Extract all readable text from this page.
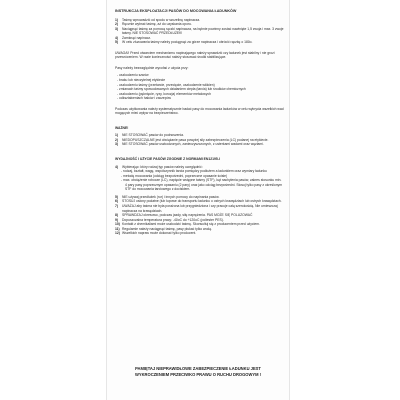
INSTRUKCJA EKSPLOATACJI PASÓW DO MOCOWANIA ŁADUNKÓW
1) Taśmę wprowadzić od spodu w szczelinę napinacza.
2) Ręcznie wybrać taśmę, aż do uzyskania oporu.
3) Naciągnąć taśmę za pomocą rączki napinacza, na bębnie powinny zostać nawinięte 1,5 zwoja i max. 3 zwoje taśmy. NIE STOSOWAĆ PRZEDŁUŻEK!
4) Zamknąć napinacz.
5) W celu zluzowania taśmy należy pociągnąć za górze napinacza i obrócić rączkę o 180o.

UWAGA!! Przed otwarciem mechanizmu napinającego należy sprawdzić czy ładunek jest stabilny i nie grozi przewróceniem. W razie konieczności należy stosować środki stabilizujące.

Pasy należy bezwzględnie wycofać z użycia przy:

- uszkodzeniu szwów
- braku lub nieczytelnej etykiecie
- uszkodzeniu taśmy (przetarcie, przecięcie, uszkodzenie włókien)
- zmianach taśmy spowodowanych działaniem ciepła (tarcia) lub środków chemicznych
- uszkodzeniu (pęknięcie, ryzy, korozja) elementów metalowych
- odkształceniach haków i zaczepów

Podczas użytkowania należy systematycznie badać pasy do mocowania ładunków w celu wykrycia wszelkich wad mogących mieć wpływ na bezpieczeństwo.

WAŻNE!
1) NIE STOSOWAĆ pasów do podnoszenia.
2) NIEDOPUSZCZALNE jest obciążanie pasa powyżej siły zabezpieczenia (LC) podanej na etykiecie.
3) NIE STOSOWAĆ pasów uszkodzonych, zanieczyszczonych, z usterkami wadami oraz węzłami.
WYDAJNOŚĆ I UŻYCIE PASÓW ZGODNIE Z NORMAMI EN12195-I
4) Wybierając: który rodzaj typ pasów należy uwzględnić:
- rodzaj, kształt, wagę, współczynnik tarcia pomiędzy podłożem a ładunkiem oraz wymiary ładunku
- metodę mocowania (odciąg bezpośredni, poprzeczne opasanie ścisłe)
- max. obciążenie robocze (LC), napięcie wstępne taśmy (STF), kąt nachylenia pasów, zakres stosunku min. 4 pary pasy poprzecznym opasaniu (2 pary) oraz jako odciąg bezpośredni. Stosuj tylko pasy z określonym STF do mocowania tarciowego z dociskiem.
5) NIE używaj przedłużek (rur) i innych pomocy do napinania pasów.
6) STOSUJ osłony podatne (lub łupowe do transportu ładunku o ostrych krawędziach lub ostrych krawędziach.
7) UWAŻAJ aby taśma nie była porażona lub przygniedziona i czy pracuje całą szerokością. Nie umieszczaj napinacza na krawędziach.
8) SPRAWDZAJ okresowo, podczas jazdy, siłę naprężenia. PAS MOŻE SIĘ POLUZOWAĆ
9) Dopuszczalna temperatura pracy: -40oC do +120oC (poliester PES).
10) Kontakt z chemikaliami może uszkodzić taśmę. Skonsultuj się z producentem przed użyciem.
11) Regulamie należy naciągnąć taśmę, pasy płukać tylko wodą.
12) Wszelkich napraw może dokonać tylko producent.

PAMIĘTAJ NIEPRAWIDŁOWE ZABEZPIECZENIE ŁADUNKU JEST
WYKROCZENIEM PRZECIWKO PRAWU O RUCHU DROGOWYM !
